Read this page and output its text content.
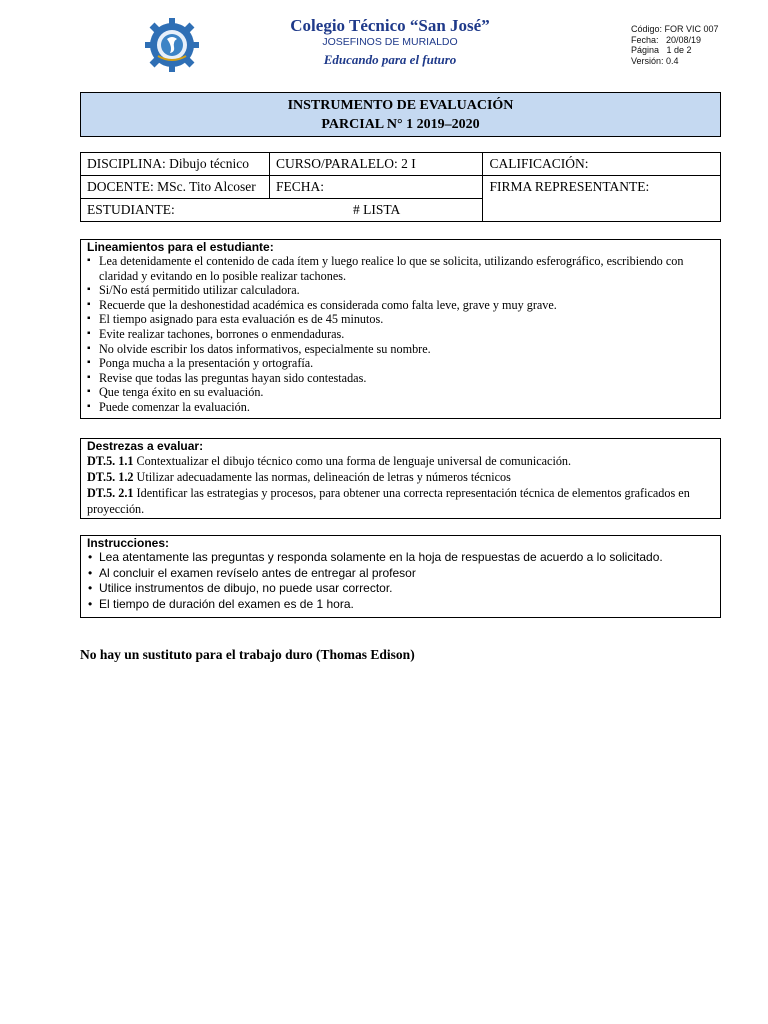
Colegio Técnico “San José”
JOSEFINOS DE MURIALDO
Educando para el futuro
Código: FOR VIC 007
Fecha:   20/08/19
Página   1 de 2
Versión: 0.4
INSTRUMENTO DE EVALUACIÓN
PARCIAL N° 1 2019–2020
DISCIPLINA: Dibujo técnico	CURSO/PARALELO: 2 I	CALIFICACIÓN:
DOCENTE: MSc. Tito Alcoser	FECHA:	FIRMA REPRESENTANTE:
ESTUDIANTE: # LISTA		
Lineamientos para el estudiante:
▪ Lea detenidamente el contenido de cada ítem y luego realice lo que se solicita, utilizando esferográfico, escribiendo con claridad y evitando en lo posible realizar tachones.
▪ Si/No está permitido utilizar calculadora.
▪ Recuerde que la deshonestidad académica es considerada como falta leve, grave y muy grave.
▪ El tiempo asignado para esta evaluación es de 45 minutos.
▪ Evite realizar tachones, borrones o enmendaduras.
▪ No olvide escribir los datos informativos, especialmente su nombre.
▪ Ponga mucha a la presentación y ortografía.
▪ Revise que todas las preguntas hayan sido contestadas.
▪ Que tenga éxito en su evaluación.
▪ Puede comenzar la evaluación.
Destrezas a evaluar:
DT.5. 1.1 Contextualizar el dibujo técnico como una forma de lenguaje universal de comunicación.
DT.5. 1.2 Utilizar adecuadamente las normas, delineación de letras y números técnicos
DT.5. 2.1 Identificar las estrategias y procesos, para obtener una correcta representación técnica de elementos graficados en proyección.
Instrucciones:
• Lea atentamente las preguntas y responda solamente en la hoja de respuestas de acuerdo a lo solicitado.
• Al concluir el examen revíselo antes de entregar al profesor
• Utilice instrumentos de dibujo, no puede usar corrector.
• El tiempo de duración del examen es de 1 hora.
No hay un sustituto para el trabajo duro (Thomas Edison)
